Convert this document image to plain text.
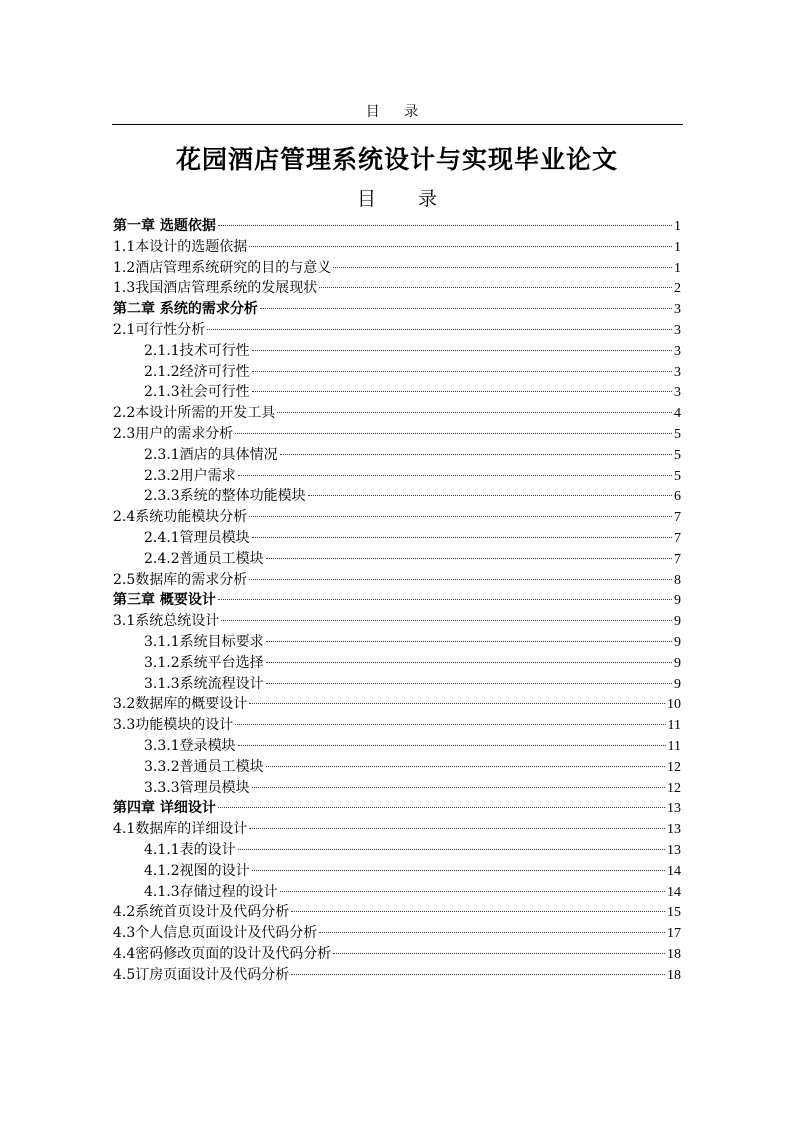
目 录
花园酒店管理系统设计与实现毕业论文
目 录
第一章 选题依据	1
1.1本设计的选题依据	1
1.2酒店管理系统研究的目的与意义	1
1.3我国酒店管理系统的发展现状	2
第二章 系统的需求分析	3
2.1可行性分析	3
2.1.1技术可行性	3
2.1.2经济可行性	3
2.1.3社会可行性	3
2.2本设计所需的开发工具	4
2.3用户的需求分析	5
2.3.1酒店的具体情况	5
2.3.2用户需求	5
2.3.3系统的整体功能模块	6
2.4系统功能模块分析	7
2.4.1管理员模块	7
2.4.2普通员工模块	7
2.5数据库的需求分析	8
第三章 概要设计	9
3.1系统总统设计	9
3.1.1系统目标要求	9
3.1.2系统平台选择	9
3.1.3系统流程设计	9
3.2数据库的概要设计	10
3.3功能模块的设计	11
3.3.1登录模块	11
3.3.2普通员工模块	12
3.3.3管理员模块	12
第四章 详细设计	13
4.1数据库的详细设计	13
4.1.1表的设计	13
4.1.2视图的设计	14
4.1.3存储过程的设计	14
4.2系统首页设计及代码分析	15
4.3个人信息页面设计及代码分析	17
4.4密码修改页面的设计及代码分析	18
4.5订房页面设计及代码分析	18
